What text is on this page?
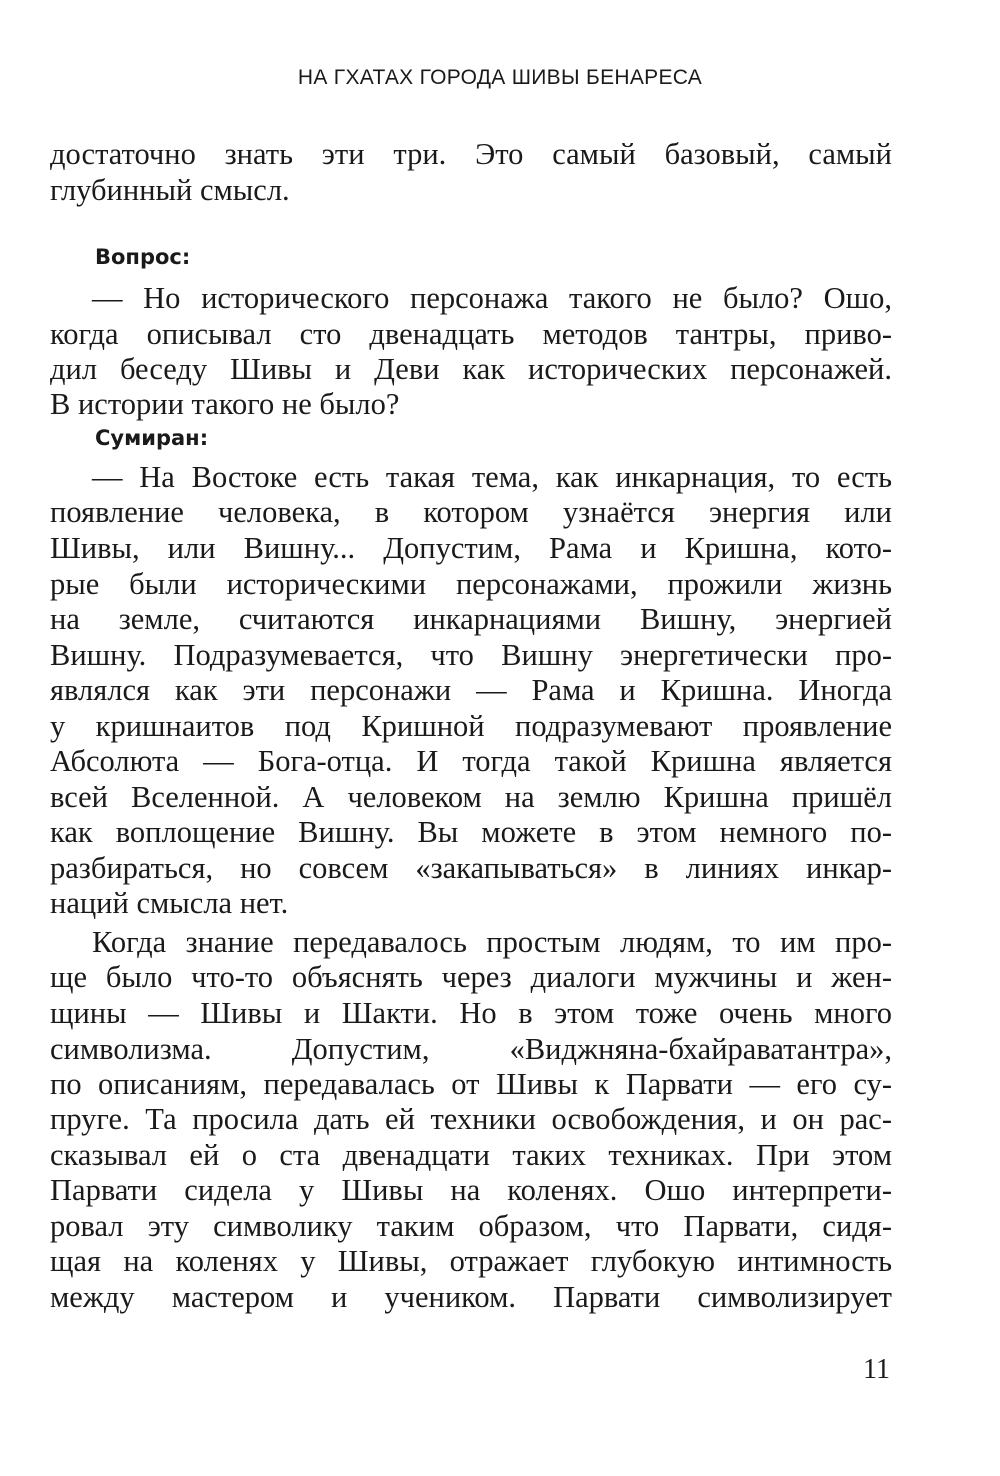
НА ГХАТАХ ГОРОДА ШИВЫ БЕНАРЕСА
достаточно знать эти три. Это самый базовый, самый
глубинный смысл.
Вопрос:
— Но исторического персонажа такого не было? Ошо,
когда описывал сто двенадцать методов тантры, приво-
дил беседу Шивы и Деви как исторических персонажей.
В истории такого не было?
Сумиран:
— На Востоке есть такая тема, как инкарнация, то есть
появление человека, в котором узнаётся энергия или
Шивы, или Вишну... Допустим, Рама и Кришна, кото-
рые были историческими персонажами, прожили жизнь
на земле, считаются инкарнациями Вишну, энергией
Вишну. Подразумевается, что Вишну энергетически про-
являлся как эти персонажи — Рама и Кришна. Иногда
у кришнаитов под Кришной подразумевают проявление
Абсолюта — Бога-отца. И тогда такой Кришна является
всей Вселенной. А человеком на землю Кришна пришёл
как воплощение Вишну. Вы можете в этом немного по-
разбираться, но совсем «закапываться» в линиях инкар-
наций смысла нет.
Когда знание передавалось простым людям, то им про-
ще было что-то объяснять через диалоги мужчины и жен-
щины — Шивы и Шакти. Но в этом тоже очень много
символизма. Допустим, «Виджняна-бхайраватантра»,
по описаниям, передавалась от Шивы к Парвати — его су-
пруге. Та просила дать ей техники освобождения, и он рас-
сказывал ей о ста двенадцати таких техниках. При этом
Парвати сидела у Шивы на коленях. Ошо интерпрети-
ровал эту символику таким образом, что Парвати, сидя-
щая на коленях у Шивы, отражает глубокую интимность
между мастером и учеником. Парвати символизирует
11
